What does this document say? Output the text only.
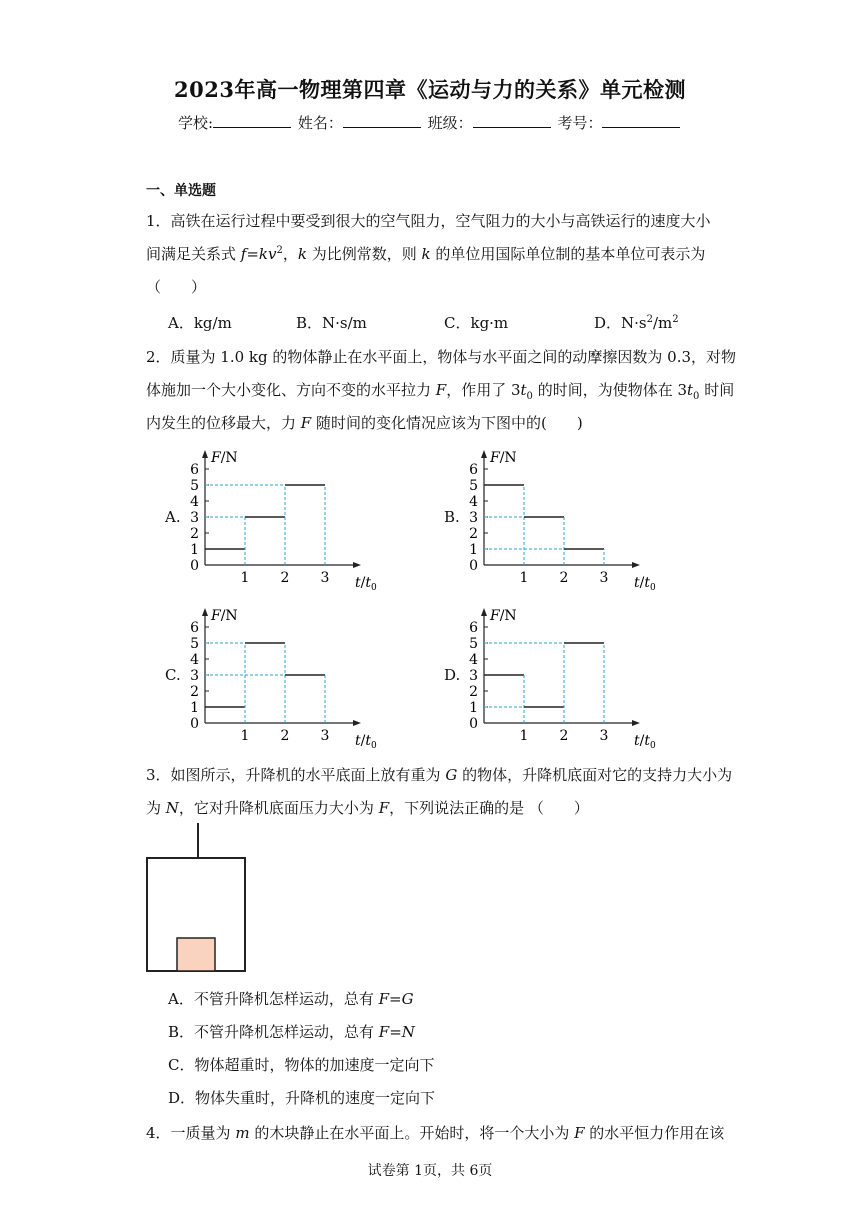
2023年高一物理第四章《运动与力的关系》单元检测
学校:	姓名：	班级：	考号：
一、单选题
1．高铁在运行过程中要受到很大的空气阻力，空气阻力的大小与高铁运行的速度大小
间满足关系式 $f=kv^2$，k 为比例常数，则 k 的单位用国际单位制的基本单位可表示为
（　　）
A．kg/m	B．N·s/m	C．kg·m	D．$N\cdot s^2/m^2$
2．质量为 1.0 kg 的物体静止在水平面上，物体与水平面之间的动摩擦因数为 0.3，对物
体施加一个大小变化、方向不变的水平拉力 F，作用了 $3t_0$ 的时间，为使物体在 $3t_0$ 时间
内发生的位移最大，力 F 随时间的变化情况应该为下图中的(　　)
A.
0
1
2
3
4
5
6
1 2 3
F/N
$t/t_0$
B.
0
1
2
3
4
5
6
1 2 3
F/N
$t/t_0$
C.
0
1
2
3
4
5
6
1 2 3
F/N
$t/t_0$
D.
0
1
2
3
4
5
6
1 2 3
F/N
$t/t_0$
3．如图所示，升降机的水平底面上放有重为 G 的物体，升降机底面对它的支持力大小为
为 N，它对升降机底面压力大小为 F，下列说法正确的是 （　　）
A．不管升降机怎样运动，总有 F=G
B．不管升降机怎样运动，总有 F=N
C．物体超重时，物体的加速度一定向下
D．物体失重时，升降机的速度一定向下
4．一质量为 m 的木块静止在水平面上。开始时，将一个大小为 F 的水平恒力作用在该
试卷第 1页，共 6页
